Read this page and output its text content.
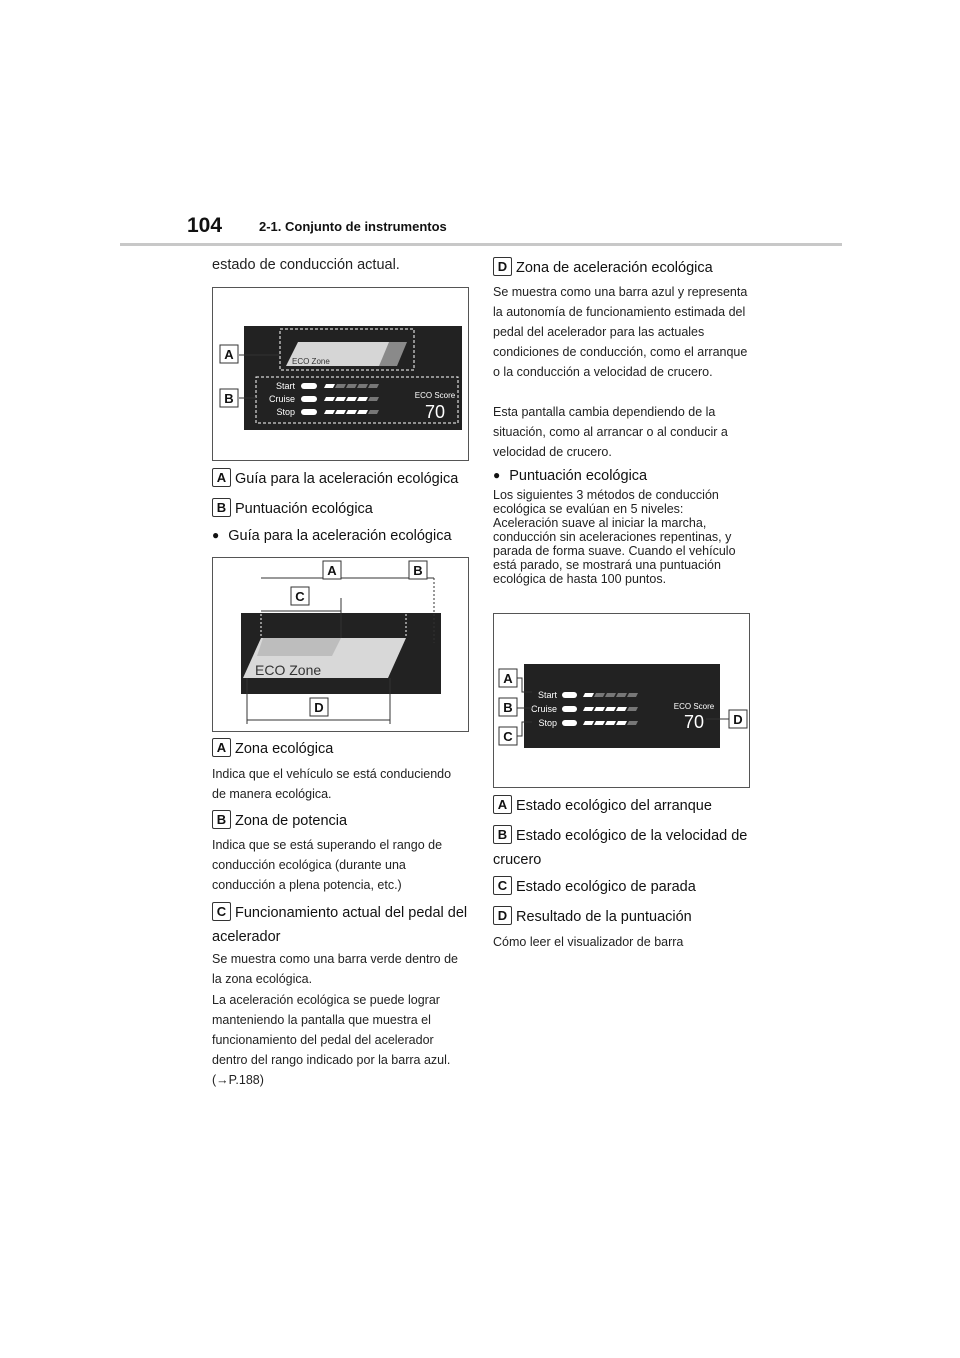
104	2-1. Conjunto de instrumentos
estado de conducción actual.
ECO Zone
Start
Cruise
Stop
ECO Score
70
A
B
A Guía para la aceleración ecológica
B Puntuación ecológica
● Guía para la aceleración ecológica
ECO Zone
A	B
C
D
A Zona ecológica
Indica que el vehículo se está conduciendo de manera ecológica.
B Zona de potencia
Indica que se está superando el rango de conducción ecológica (durante una conducción a plena potencia, etc.)
C Funcionamiento actual del pedal del acelerador
Se muestra como una barra verde dentro de la zona ecológica.
La aceleración ecológica se puede lograr manteniendo la pantalla que muestra el funcionamiento del pedal del acelerador dentro del rango indicado por la barra azul.
(→P.188)
D Zona de aceleración ecológica
Se muestra como una barra azul y representa la autonomía de funcionamiento estimada del pedal del acelerador para las actuales condiciones de conducción, como el arranque o la conducción a velocidad de crucero.
Esta pantalla cambia dependiendo de la situación, como al arrancar o al conducir a velocidad de crucero.
● Puntuación ecológica
Los siguientes 3 métodos de conducción ecológica se evalúan en 5 niveles: Aceleración suave al iniciar la marcha, conducción sin aceleraciones repentinas, y parada de forma suave. Cuando el vehículo está parado, se mostrará una puntuación ecológica de hasta 100 puntos.
Start
Cruise
Stop
ECO Score
70
A
B
C
D
A Estado ecológico del arranque
B Estado ecológico de la velocidad de crucero
C Estado ecológico de parada
D Resultado de la puntuación
Cómo leer el visualizador de barra
